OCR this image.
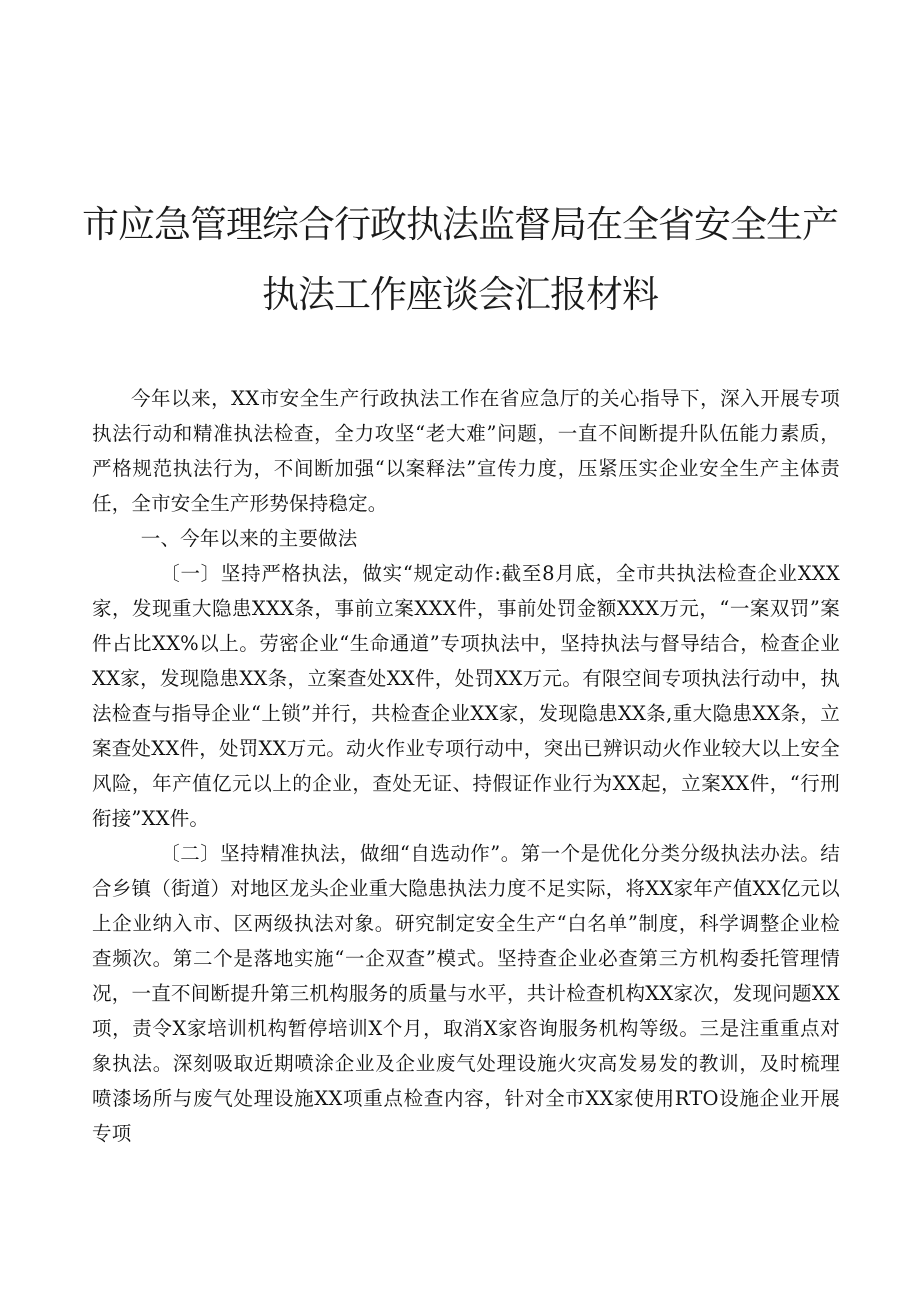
市应急管理综合行政执法监督局在全省安全生产
执法工作座谈会汇报材料

今年以来，XX市安全生产行政执法工作在省应急厅的关心指导下，深入开展专项执法行动和精准执法检查，全力攻坚“老大难”问题，一直不间断提升队伍能力素质，严格规范执法行为，不间断加强“以案释法”宣传力度，压紧压实企业安全生产主体责任，全市安全生产形势保持稳定。

一、今年以来的主要做法

〔一〕坚持严格执法，做实“规定动作:截至8月底，全市共执法检查企业XXX家，发现重大隐患XXX条，事前立案XXX件，事前处罚金额XXX万元，“一案双罚”案件占比XX%以上。劳密企业“生命通道”专项执法中，坚持执法与督导结合，检查企业XX家，发现隐患XX条，立案查处XX件，处罚XX万元。有限空间专项执法行动中，执法检查与指导企业“上锁”并行，共检查企业XX家，发现隐患XX条,重大隐患XX条，立案查处XX件，处罚XX万元。动火作业专项行动中，突出已辨识动火作业较大以上安全风险，年产值亿元以上的企业，查处无证、持假证作业行为XX起，立案XX件，“行刑衔接”XX件。

〔二〕坚持精准执法，做细“自选动作”。第一个是优化分类分级执法办法。结合乡镇（街道）对地区龙头企业重大隐患执法力度不足实际，将XX家年产值XX亿元以上企业纳入市、区两级执法对象。研究制定安全生产“白名单”制度，科学调整企业检查频次。第二个是落地实施“一企双查”模式。坚持查企业必查第三方机构委托管理情况，一直不间断提升第三机构服务的质量与水平，共计检查机构XX家次，发现问题XX项，责令X家培训机构暂停培训X个月，取消X家咨询服务机构等级。三是注重重点对象执法。深刻吸取近期喷涂企业及企业废气处理设施火灾高发易发的教训，及时梳理喷漆场所与废气处理设施XX项重点检查内容，针对全市XX家使用RTO设施企业开展专项
